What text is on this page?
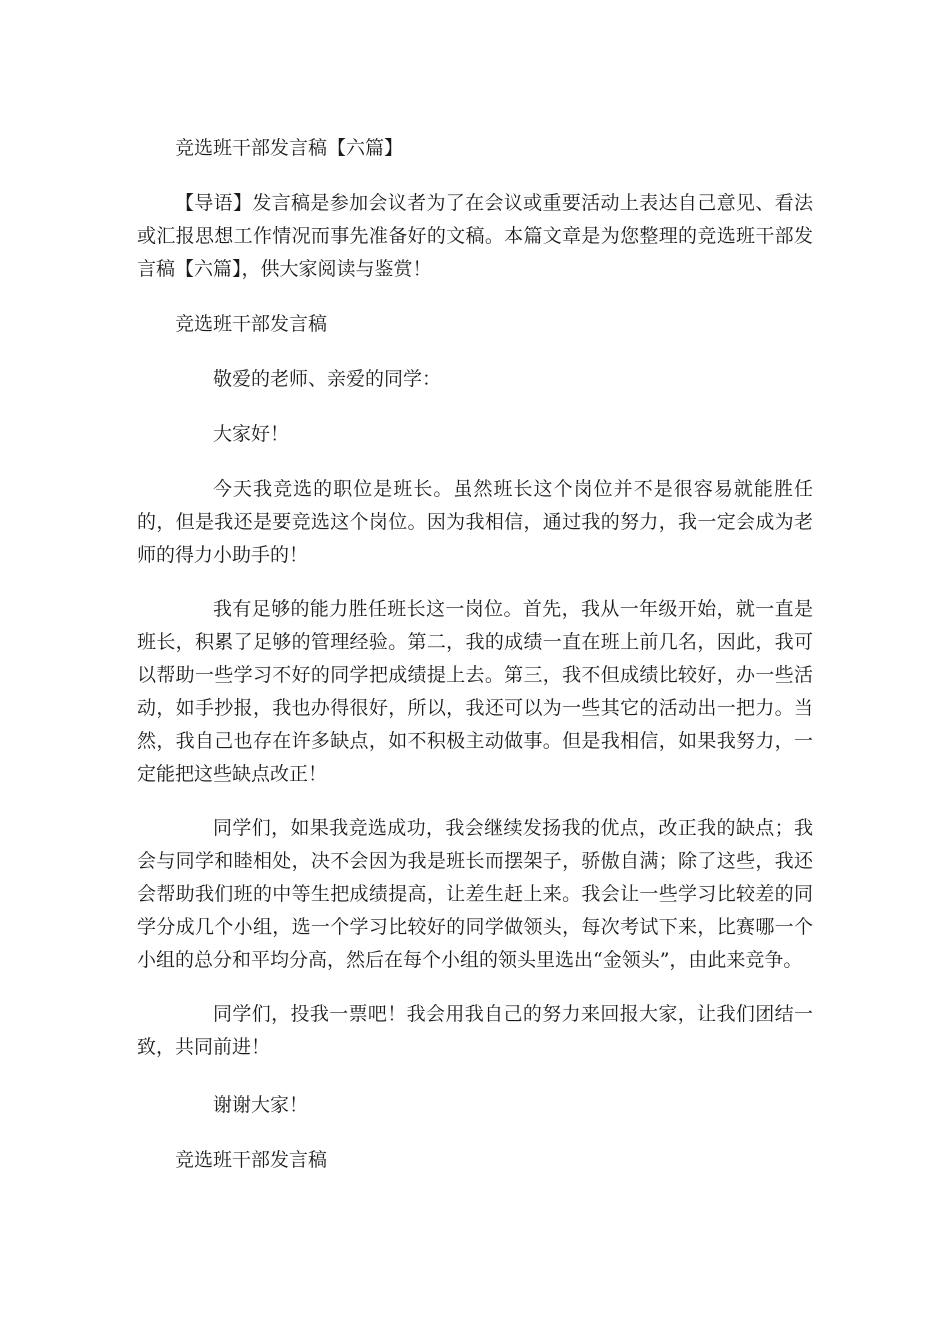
竞选班干部发言稿【六篇】

【导语】发言稿是参加会议者为了在会议或重要活动上表达自己意见、看法或汇报思想工作情况而事先准备好的文稿。本篇文章是为您整理的竞选班干部发言稿【六篇】，供大家阅读与鉴赏！

竞选班干部发言稿

敬爱的老师、亲爱的同学：

大家好！

今天我竞选的职位是班长。虽然班长这个岗位并不是很容易就能胜任的，但是我还是要竞选这个岗位。因为我相信，通过我的努力，我一定会成为老师的得力小助手的！

我有足够的能力胜任班长这一岗位。首先，我从一年级开始，就一直是班长，积累了足够的管理经验。第二，我的成绩一直在班上前几名，因此，我可以帮助一些学习不好的同学把成绩提上去。第三，我不但成绩比较好，办一些活动，如手抄报，我也办得很好，所以，我还可以为一些其它的活动出一把力。当然，我自己也存在许多缺点，如不积极主动做事。但是我相信，如果我努力，一定能把这些缺点改正！

同学们，如果我竞选成功，我会继续发扬我的优点，改正我的缺点；我会与同学和睦相处，决不会因为我是班长而摆架子，骄傲自满；除了这些，我还会帮助我们班的中等生把成绩提高，让差生赶上来。我会让一些学习比较差的同学分成几个小组，选一个学习比较好的同学做领头，每次考试下来，比赛哪一个小组的总分和平均分高，然后在每个小组的领头里选出“金领头”，由此来竞争。

同学们，投我一票吧！我会用我自己的努力来回报大家，让我们团结一致，共同前进！

谢谢大家！

竞选班干部发言稿
